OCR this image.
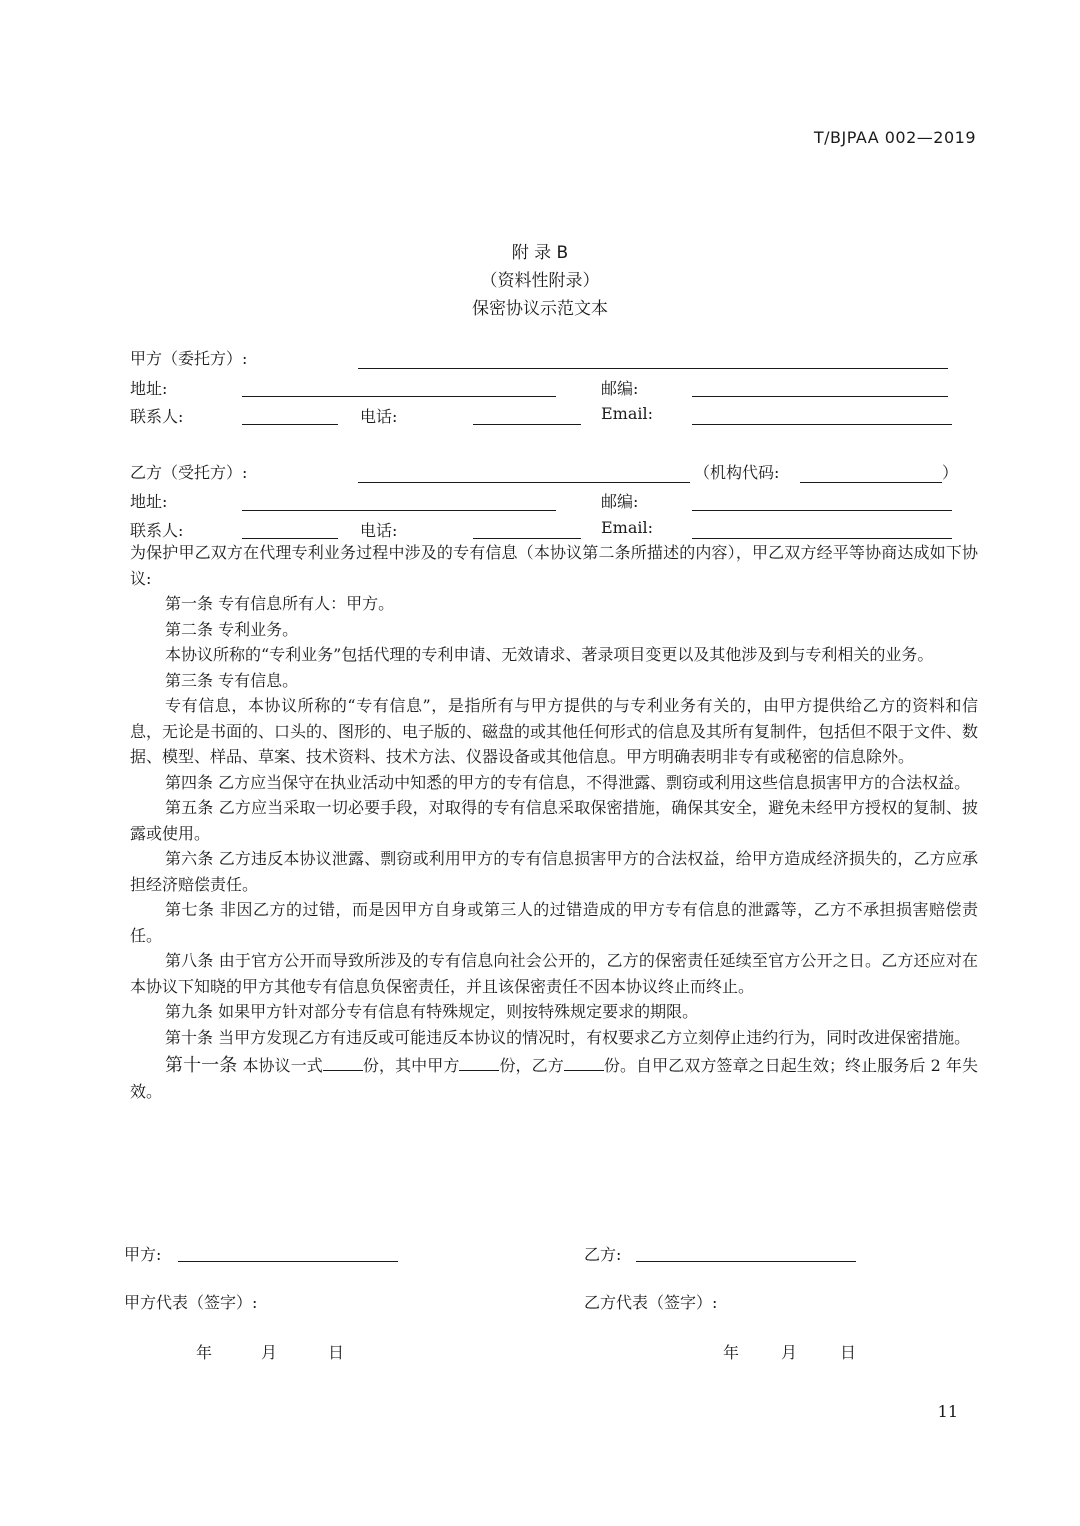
T/BJPAA 002—2019
附 录 B
（资料性附录）
保密协议示范文本
甲方（委托方）:
地址:	邮编:
联系人:	电话:	Email:
乙方（受托方）:	（机构代码:	）
地址:	邮编:
联系人:	电话:	Email:

为保护甲乙双方在代理专利业务过程中涉及的专有信息（本协议第二条所描述的内容），甲乙双方经平等协商达成如下协议:

第一条 专有信息所有人：甲方。

第二条 专利业务。

本协议所称的“专利业务”包括代理的专利申请、无效请求、著录项目变更以及其他涉及到与专利相关的业务。

第三条 专有信息。

专有信息，本协议所称的“专有信息”，是指所有与甲方提供的与专利业务有关的，由甲方提供给乙方的资料和信息，无论是书面的、口头的、图形的、电子版的、磁盘的或其他任何形式的信息及其所有复制件，包括但不限于文件、数据、模型、样品、草案、技术资料、技术方法、仪器设备或其他信息。甲方明确表明非专有或秘密的信息除外。

第四条 乙方应当保守在执业活动中知悉的甲方的专有信息，不得泄露、剽窃或利用这些信息损害甲方的合法权益。

第五条 乙方应当采取一切必要手段，对取得的专有信息采取保密措施，确保其安全，避免未经甲方授权的复制、披露或使用。

第六条 乙方违反本协议泄露、剽窃或利用甲方的专有信息损害甲方的合法权益，给甲方造成经济损失的，乙方应承担经济赔偿责任。

第七条 非因乙方的过错，而是因甲方自身或第三人的过错造成的甲方专有信息的泄露等，乙方不承担损害赔偿责任。

第八条 由于官方公开而导致所涉及的专有信息向社会公开的，乙方的保密责任延续至官方公开之日。乙方还应对在本协议下知晓的甲方其他专有信息负保密责任，并且该保密责任不因本协议终止而终止。

第九条 如果甲方针对部分专有信息有特殊规定，则按特殊规定要求的期限。

第十条 当甲方发现乙方有违反或可能违反本协议的情况时，有权要求乙方立刻停止违约行为，同时改进保密措施。

第十一条 本协议一式	份，其中甲方	份，乙方	份。自甲乙双方签章之日起生效；终止服务后 2 年失效。

甲方:	乙方:
甲方代表（签字）:	乙方代表（签字）:
年	月	日	年	月	日
11
